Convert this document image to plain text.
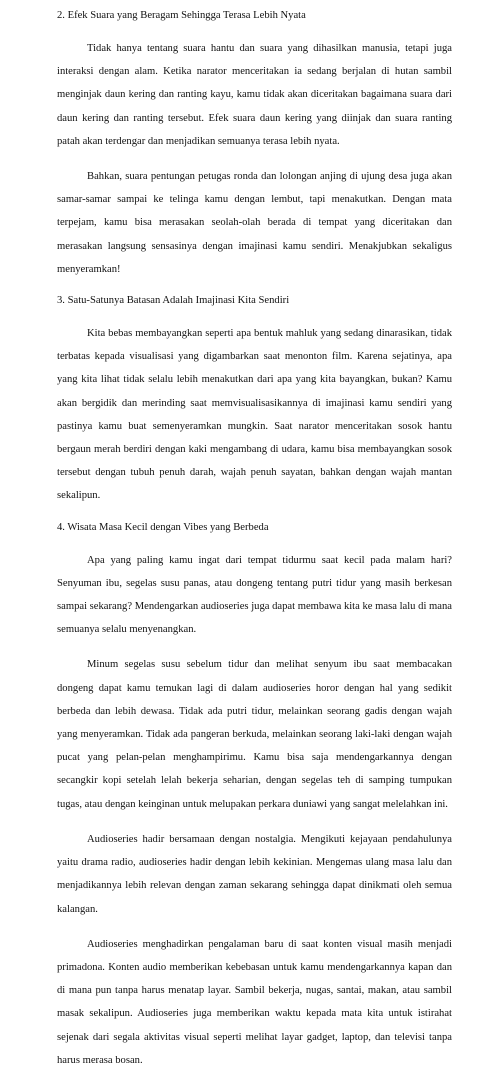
2. Efek Suara yang Beragam Sehingga Terasa Lebih Nyata

Tidak hanya tentang suara hantu dan suara yang dihasilkan manusia, tetapi juga interaksi dengan alam. Ketika narator menceritakan ia sedang berjalan di hutan sambil menginjak daun kering dan ranting kayu, kamu tidak akan diceritakan bagaimana suara dari daun kering dan ranting tersebut. Efek suara daun kering yang diinjak dan suara ranting patah akan terdengar dan menjadikan semuanya terasa lebih nyata.

Bahkan, suara pentungan petugas ronda dan lolongan anjing di ujung desa juga akan samar-samar sampai ke telinga kamu dengan lembut, tapi menakutkan. Dengan mata terpejam, kamu bisa merasakan seolah-olah berada di tempat yang diceritakan dan merasakan langsung sensasinya dengan imajinasi kamu sendiri. Menakjubkan sekaligus menyeramkan!

3. Satu-Satunya Batasan Adalah Imajinasi Kita Sendiri

Kita bebas membayangkan seperti apa bentuk mahluk yang sedang dinarasikan, tidak terbatas kepada visualisasi yang digambarkan saat menonton film. Karena sejatinya, apa yang kita lihat tidak selalu lebih menakutkan dari apa yang kita bayangkan, bukan? Kamu akan bergidik dan merinding saat memvisualisasikannya di imajinasi kamu sendiri yang pastinya kamu buat semenyeramkan mungkin. Saat narator menceritakan sosok hantu bergaun merah berdiri dengan kaki mengambang di udara, kamu bisa membayangkan sosok tersebut dengan tubuh penuh darah, wajah penuh sayatan, bahkan dengan wajah mantan sekalipun.

4. Wisata Masa Kecil dengan Vibes yang Berbeda

Apa yang paling kamu ingat dari tempat tidurmu saat kecil pada malam hari? Senyuman ibu, segelas susu panas, atau dongeng tentang putri tidur yang masih berkesan sampai sekarang? Mendengarkan audioseries juga dapat membawa kita ke masa lalu di mana semuanya selalu menyenangkan.

Minum segelas susu sebelum tidur dan melihat senyum ibu saat membacakan dongeng dapat kamu temukan lagi di dalam audioseries horor dengan hal yang sedikit berbeda dan lebih dewasa. Tidak ada putri tidur, melainkan seorang gadis dengan wajah yang menyeramkan. Tidak ada pangeran berkuda, melainkan seorang laki-laki dengan wajah pucat yang pelan-pelan menghampirimu. Kamu bisa saja mendengarkannya dengan secangkir kopi setelah lelah bekerja seharian, dengan segelas teh di samping tumpukan tugas, atau dengan keinginan untuk melupakan perkara duniawi yang sangat melelahkan ini.

Audioseries hadir bersamaan dengan nostalgia. Mengikuti kejayaan pendahulunya yaitu drama radio, audioseries hadir dengan lebih kekinian. Mengemas ulang masa lalu dan menjadikannya lebih relevan dengan zaman sekarang sehingga dapat dinikmati oleh semua kalangan.

Audioseries menghadirkan pengalaman baru di saat konten visual masih menjadi primadona. Konten audio memberikan kebebasan untuk kamu mendengarkannya kapan dan di mana pun tanpa harus menatap layar. Sambil bekerja, nugas, santai, makan, atau sambil masak sekalipun. Audioseries juga memberikan waktu kepada mata kita untuk istirahat sejenak dari segala aktivitas visual seperti melihat layar gadget, laptop, dan televisi tanpa harus merasa bosan.
